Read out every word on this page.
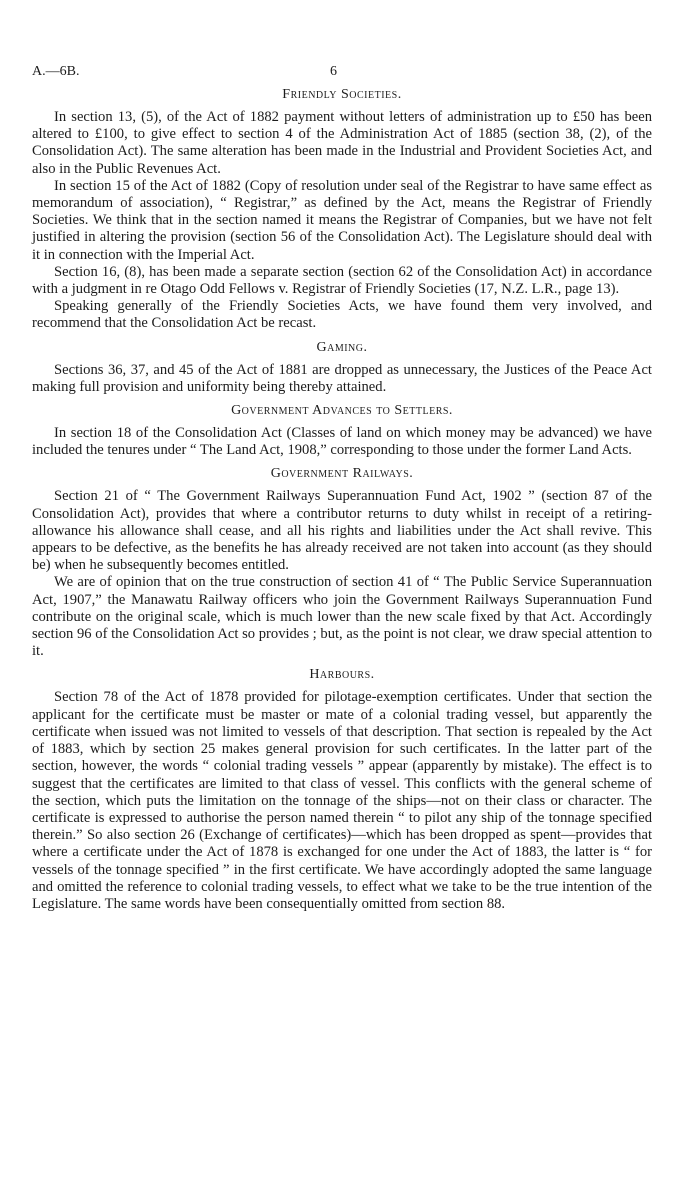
A.—6B.	6
Friendly Societies.

In section 13, (5), of the Act of 1882 payment without letters of administration up to £50 has been altered to £100, to give effect to section 4 of the Administration Act of 1885 (section 38, (2), of the Consolidation Act). The same alteration has been made in the Industrial and Provident Societies Act, and also in the Public Revenues Act.

In section 15 of the Act of 1882 (Copy of resolution under seal of the Registrar to have same effect as memorandum of association), “ Registrar,” as defined by the Act, means the Registrar of Friendly Societies. We think that in the section named it means the Registrar of Companies, but we have not felt justified in altering the provision (section 56 of the Consolidation Act). The Legislature should deal with it in connection with the Imperial Act.

Section 16, (8), has been made a separate section (section 62 of the Consolidation Act) in accordance with a judgment in re Otago Odd Fellows v. Registrar of Friendly Societies (17, N.Z. L.R., page 13).

Speaking generally of the Friendly Societies Acts, we have found them very involved, and recommend that the Consolidation Act be recast.

Gaming.

Sections 36, 37, and 45 of the Act of 1881 are dropped as unnecessary, the Justices of the Peace Act making full provision and uniformity being thereby attained.

Government Advances to Settlers.

In section 18 of the Consolidation Act (Classes of land on which money may be advanced) we have included the tenures under “ The Land Act, 1908,” corresponding to those under the former Land Acts.

Government Railways.

Section 21 of “ The Government Railways Superannuation Fund Act, 1902 ” (section 87 of the Consolidation Act), provides that where a contributor returns to duty whilst in receipt of a retiring-allowance his allowance shall cease, and all his rights and liabilities under the Act shall revive. This appears to be defective, as the benefits he has already received are not taken into account (as they should be) when he subsequently becomes entitled.

We are of opinion that on the true construction of section 41 of “ The Public Service Superannuation Act, 1907,” the Manawatu Railway officers who join the Government Railways Superannuation Fund contribute on the original scale, which is much lower than the new scale fixed by that Act. Accordingly section 96 of the Consolidation Act so provides ; but, as the point is not clear, we draw special attention to it.

Harbours.

Section 78 of the Act of 1878 provided for pilotage-exemption certificates. Under that section the applicant for the certificate must be master or mate of a colonial trading vessel, but apparently the certificate when issued was not limited to vessels of that description. That section is repealed by the Act of 1883, which by section 25 makes general provision for such certificates. In the latter part of the section, however, the words “ colonial trading vessels ” appear (apparently by mistake). The effect is to suggest that the certificates are limited to that class of vessel. This conflicts with the general scheme of the section, which puts the limitation on the tonnage of the ships—not on their class or character. The certificate is expressed to authorise the person named therein “ to pilot any ship of the tonnage specified therein.” So also section 26 (Exchange of certificates)—which has been dropped as spent—provides that where a certificate under the Act of 1878 is exchanged for one under the Act of 1883, the latter is “ for vessels of the tonnage specified ” in the first certificate. We have accordingly adopted the same language and omitted the reference to colonial trading vessels, to effect what we take to be the true intention of the Legislature. The same words have been consequentially omitted from section 88.
